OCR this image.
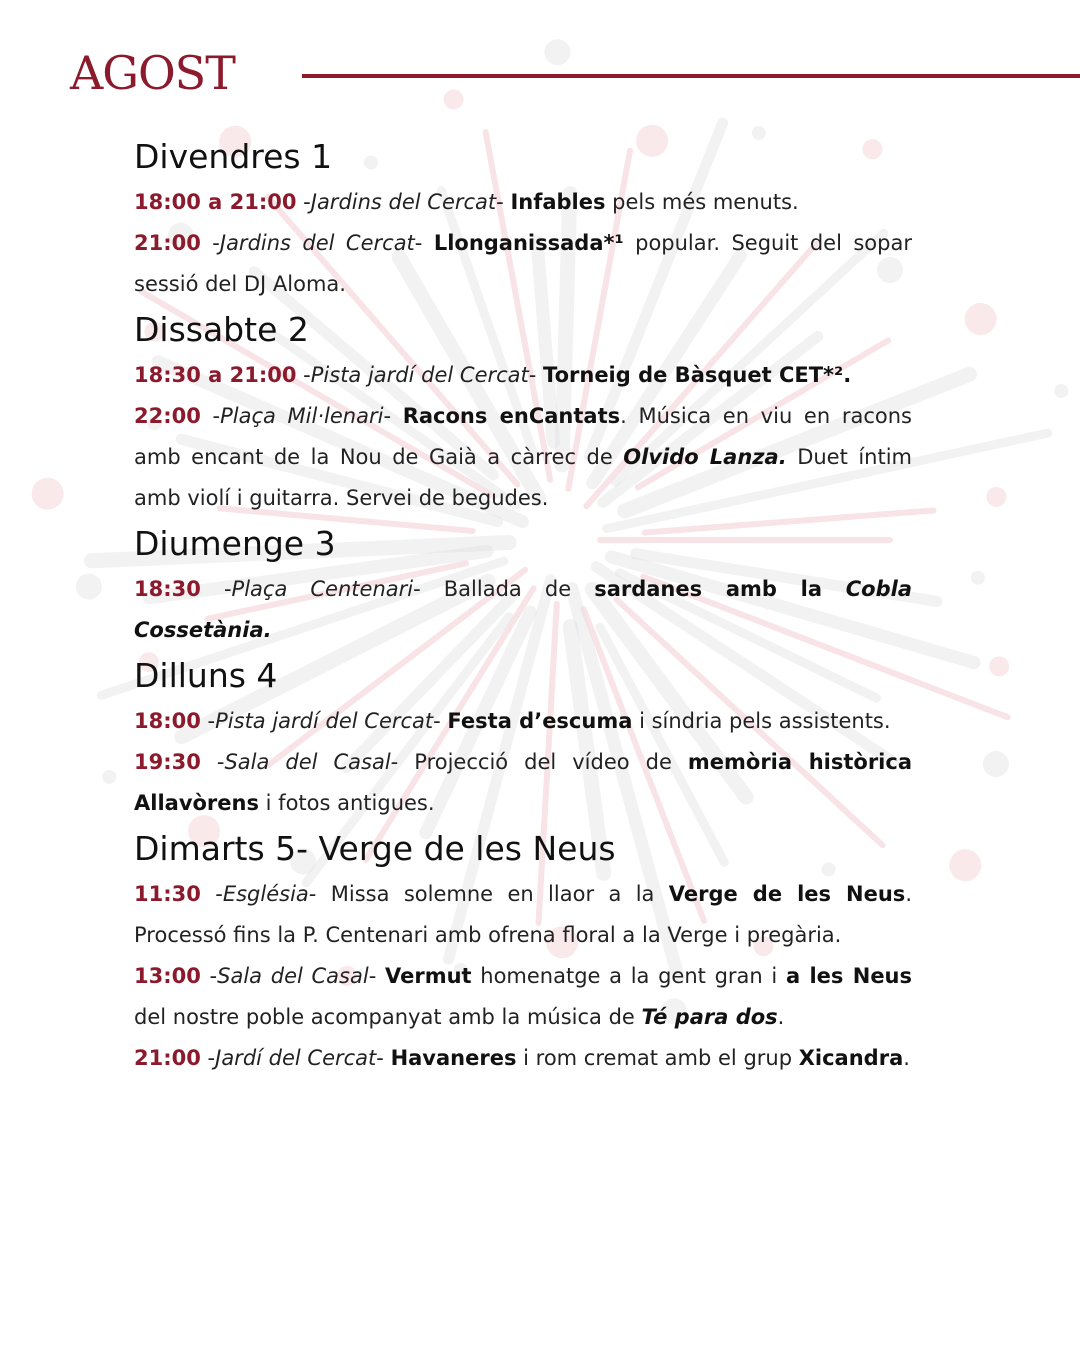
AGOST
Divendres 1

18:00 a 21:00 -Jardins del Cercat- Infables pels més menuts.

21:00 -Jardins del Cercat- Llonganissada*¹ popular. Seguit del sopar sessió del DJ Aloma.

Dissabte 2

18:30 a 21:00 -Pista jardí del Cercat- Torneig de Bàsquet CET*².

22:00 -Plaça Mil·lenari- Racons enCantats. Música en viu en racons amb encant de la Nou de Gaià a càrrec de Olvido Lanza. Duet íntim amb violí i guitarra. Servei de begudes.

Diumenge 3

18:30 -Plaça Centenari- Ballada de sardanes amb la Cobla Cossetània.

Dilluns 4

18:00 -Pista jardí del Cercat- Festa d’escuma i síndria pels assistents.

19:30 -Sala del Casal- Projecció del vídeo de memòria històrica Allavòrens i fotos antigues.

Dimarts 5- Verge de les Neus

11:30 -Església- Missa solemne en llaor a la Verge de les Neus. Processó fins la P. Centenari amb ofrena floral a la Verge i pregària.

13:00 -Sala del Casal- Vermut homenatge a la gent gran i a les Neus del nostre poble acompanyat amb la música de Té para dos.

21:00 -Jardí del Cercat- Havaneres i rom cremat amb el grup Xicandra.
